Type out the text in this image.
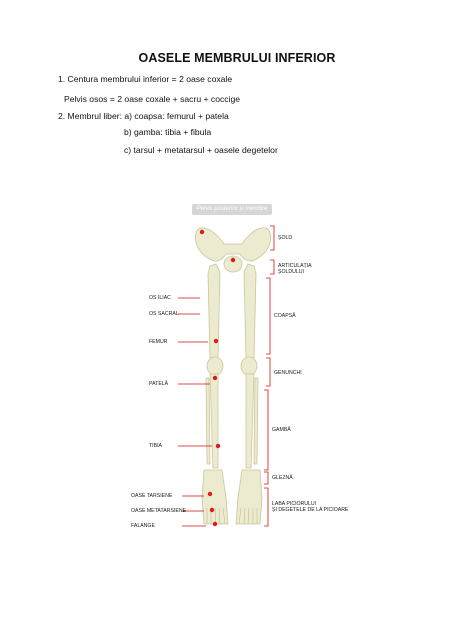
OASELE MEMBRULUI INFERIOR
1. Centura membrului inferior = 2 oase coxale
Pelvis osos = 2 oase coxale + sacru + coccige
2. Membrul liber: a) coapsa: femurul + patela
b) gamba: tibia + fibula
c) tarsul + metatarsul + oasele degetelor
Pelvis posterior și membre
OS ILIAC
OS SACRAL
FEMUR
PATELĂ
TIBIA
OASE TARSIENE
OASE METATARSIENE
FALANGE
ȘOLD
ARTICULAȚIA
ȘOLDULUI
COAPSĂ
GENUNCHI
GAMBĂ
GLEZNĂ
LABA PICIORULUI
ȘI DEGETELE DE LA PICIOARE
